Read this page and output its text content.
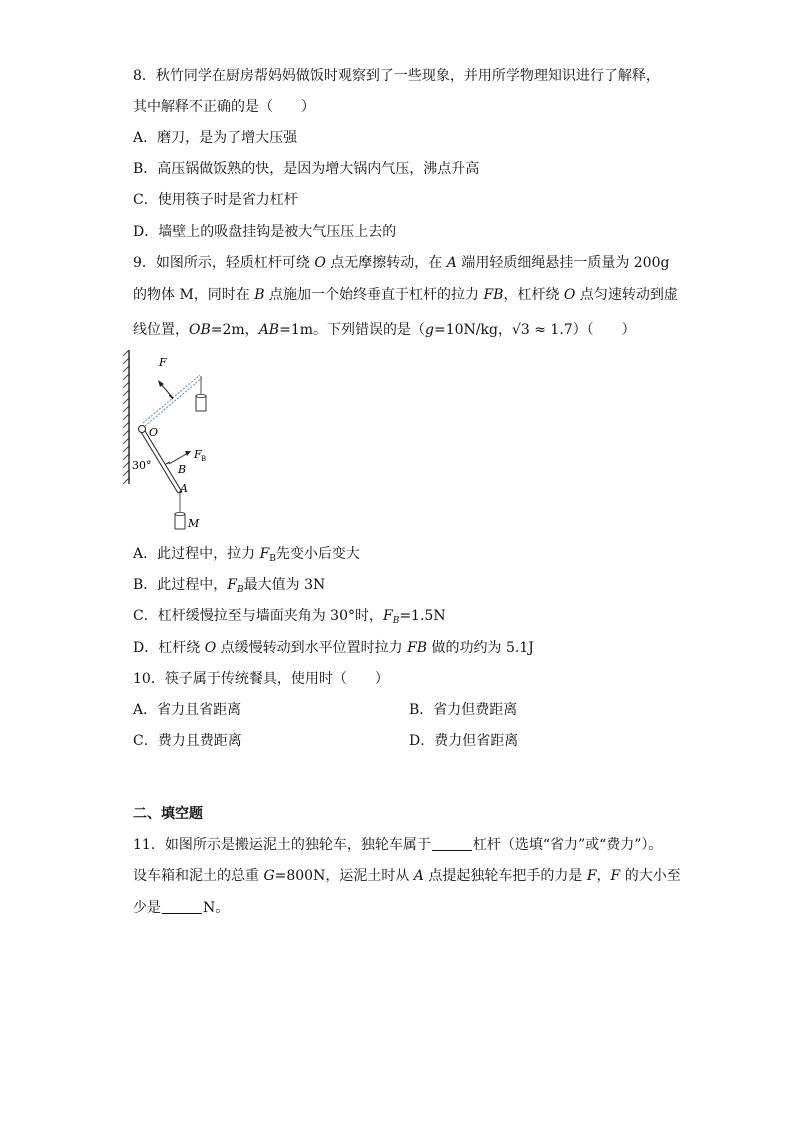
8．秋竹同学在厨房帮妈妈做饭时观察到了一些现象，并用所学物理知识进行了解释，
其中解释不正确的是（　　）
A．磨刀，是为了增大压强
B．高压锅做饭熟的快，是因为增大锅内气压，沸点升高
C．使用筷子时是省力杠杆
D．墙壁上的吸盘挂钩是被大气压压上去的
9．如图所示，轻质杠杆可绕 O 点无摩擦转动，在 A 端用轻质细绳悬挂一质量为 200g
的物体 M，同时在 B 点施加一个始终垂直于杠杆的拉力 FB，杠杆绕 O 点匀速转动到虚
线位置，OB=2m，AB=1m。下列错误的是（g=10N/kg，√3 ≈ 1.7）（　　）
F
O
30°
F B
B
A
M
A．此过程中，拉力 $F_B$先变小后变大
B．此过程中，$F_B$最大值为 3N
C．杠杆缓慢拉至与墙面夹角为 30°时，$F_B=1.5N$
D．杠杆绕 O 点缓慢转动到水平位置时拉力 FB 做的功约为 5.1J
10．筷子属于传统餐具，使用时（　　）
A．省力且省距离	B．省力但费距离
C．费力且费距离	D．费力但省距离
二、填空题
11．如图所示是搬运泥土的独轮车，独轮车属于	杠杆（选填“省力”或“费力”）。
设车箱和泥土的总重 G=800N，运泥土时从 A 点提起独轮车把手的力是 F，F 的大小至
少是	N。
